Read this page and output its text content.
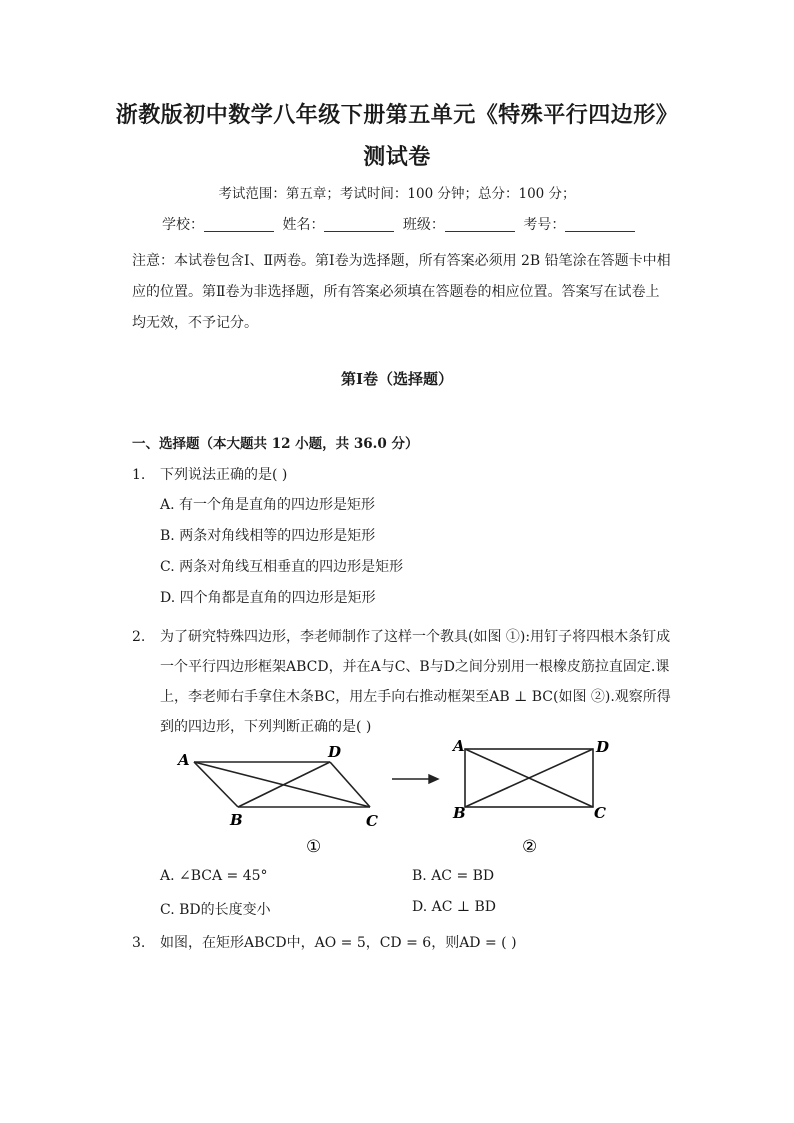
浙教版初中数学八年级下册第五单元《特殊平行四边形》
测试卷
考试范围：第五章；考试时间：100 分钟；总分：100 分；
学校：	姓名：	班级：	考号：
注意：本试卷包含Ⅰ、Ⅱ两卷。第Ⅰ卷为选择题，所有答案必须用 2B 铅笔涂在答题卡中相应的位置。第Ⅱ卷为非选择题，所有答案必须填在答题卷的相应位置。答案写在试卷上均无效，不予记分。
第Ⅰ卷（选择题）
一、选择题（本大题共 12 小题，共 36.0 分）
1. 下列说法正确的是( )
A. 有一个角是直角的四边形是矩形
B. 两条对角线相等的四边形是矩形
C. 两条对角线互相垂直的四边形是矩形
D. 四个角都是直角的四边形是矩形
2.	为了研究特殊四边形，李老师制作了这样一个教具(如图 ①):用钉子将四根木条钉成一个平行四边形框架ABCD，并在A与C、B与D之间分别用一根橡皮筋拉直固定.课上，李老师右手拿住木条BC，用左手向右推动框架至AB ⊥ BC(如图 ②).观察所得到的四边形，下列判断正确的是( )
A	D
B	C
①
A	D
B	C
②
A. ∠BCA = 45°	B. AC = BD
C. BD的长度变小	D. AC ⊥ BD
3. 如图，在矩形ABCD中，AO = 5，CD = 6，则AD = ( )
